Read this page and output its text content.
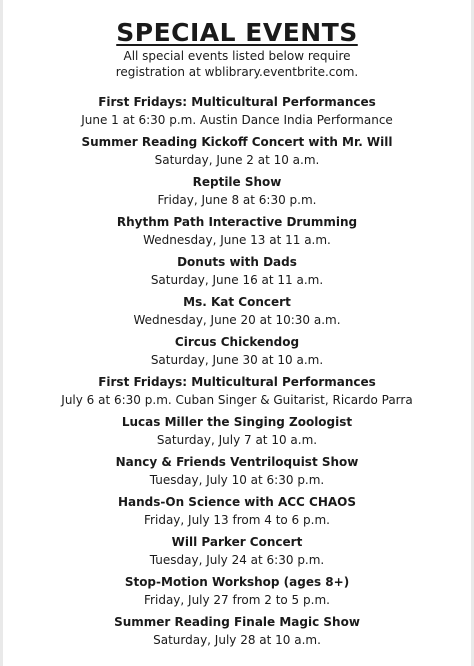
SPECIAL EVENTS
All special events listed below require
registration at wblibrary.eventbrite.com.
First Fridays: Multicultural Performances
June 1 at 6:30 p.m. Austin Dance India Performance
Summer Reading Kickoff Concert with Mr. Will
Saturday, June 2 at 10 a.m.
Reptile Show
Friday, June 8 at 6:30 p.m.
Rhythm Path Interactive Drumming
Wednesday, June 13 at 11 a.m.
Donuts with Dads
Saturday, June 16 at 11 a.m.
Ms. Kat Concert
Wednesday, June 20 at 10:30 a.m.
Circus Chickendog
Saturday, June 30 at 10 a.m.
First Fridays: Multicultural Performances
July 6 at 6:30 p.m. Cuban Singer & Guitarist, Ricardo Parra
Lucas Miller the Singing Zoologist
Saturday, July 7 at 10 a.m.
Nancy & Friends Ventriloquist Show
Tuesday, July 10 at 6:30 p.m.
Hands-On Science with ACC CHAOS
Friday, July 13 from 4 to 6 p.m.
Will Parker Concert
Tuesday, July 24 at 6:30 p.m.
Stop-Motion Workshop (ages 8+)
Friday, July 27 from 2 to 5 p.m.
Summer Reading Finale Magic Show
Saturday, July 28 at 10 a.m.
